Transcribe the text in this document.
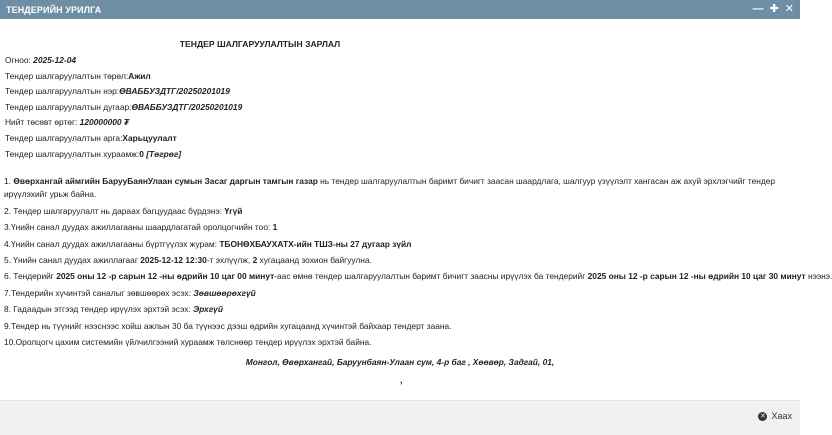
ТЕНДЕРИЙН УРИЛГА	— ✚ ✕
ТЕНДЕР ШАЛГАРУУЛАЛТЫН ЗАРЛАЛ
Огноо: 2025-12-04
Тендер шалгаруулалтын төрөл:Ажил
Тендер шалгаруулалтын нэр:ӨВАББУЗДТГ/20250201019
Тендер шалгаруулалтын дугаар:ӨВАББУЗДТГ/20250201019
Нийт төсөвт өртөг: 120000000 ₮
Тендер шалгаруулалтын арга:Харьцуулалт
Тендер шалгаруулалтын хураамж:0 [Төгрөг]
1. Өвөрхангай аймгийн БарууБаянУлаан сумын Засаг даргын тамгын газар нь тендер шалгаруулалтын баримт бичигт заасан шаардлага, шалгуур үзүүлэлт хангасан аж ахуй эрхлэгчийг тендер ирүүлэхийг урьж байна.
2. Тендер шалгаруулалт нь дараах багцуудаас бүрдэнэ: Үгүй
3.Үнийн санал дуудах ажиллагааны шаардлагатай оролцогчийн тоо: 1
4.Үнийн санал дуудах ажиллагааны бүртгүүлэх журам: ТБОНӨХБАУХАТХ-ийн ТШЗ-ны 27 дугаар зүйл
5. Үнийн санал дуудах ажиллагааг 2025-12-12 12:30-т эхлүүлж, 2 хугацаанд зохион байгуулна.
6. Тендерийг 2025 оны 12 -р сарын 12 -ны өдрийн 10 цаг 00 минут-аас өмнө тендер шалгаруулалтын баримт бичигт заасны ирүүлэх ба тендерийг 2025 оны 12 -р сарын 12 -ны өдрийн 10 цаг 30 минут нээнэ.
7.Тендерийн хүчинтэй саналыг зөвшөөрөх эсэх: Зөвшөөрөхгүй
8. Гадаадын этгээд тендер ирүүлэх эрхтэй эсэх: Эрхгүй
9.Тендер нь түүнийг нээснээс хойш ажлын 30 ба түүнээс дээш өдрийн хугацаанд хүчинтэй байхаар тендерт заана.
10.Оролцогч цахим системийн үйлчилгээний хураамж төлснөөр тендер ирүүлэх эрхтэй байна.
Монгол, Өвөрхангай, Баруунбаян-Улаан сум, 4-р баг , Хөөвөр, Задгай, 01,
,
✕ Хаах
